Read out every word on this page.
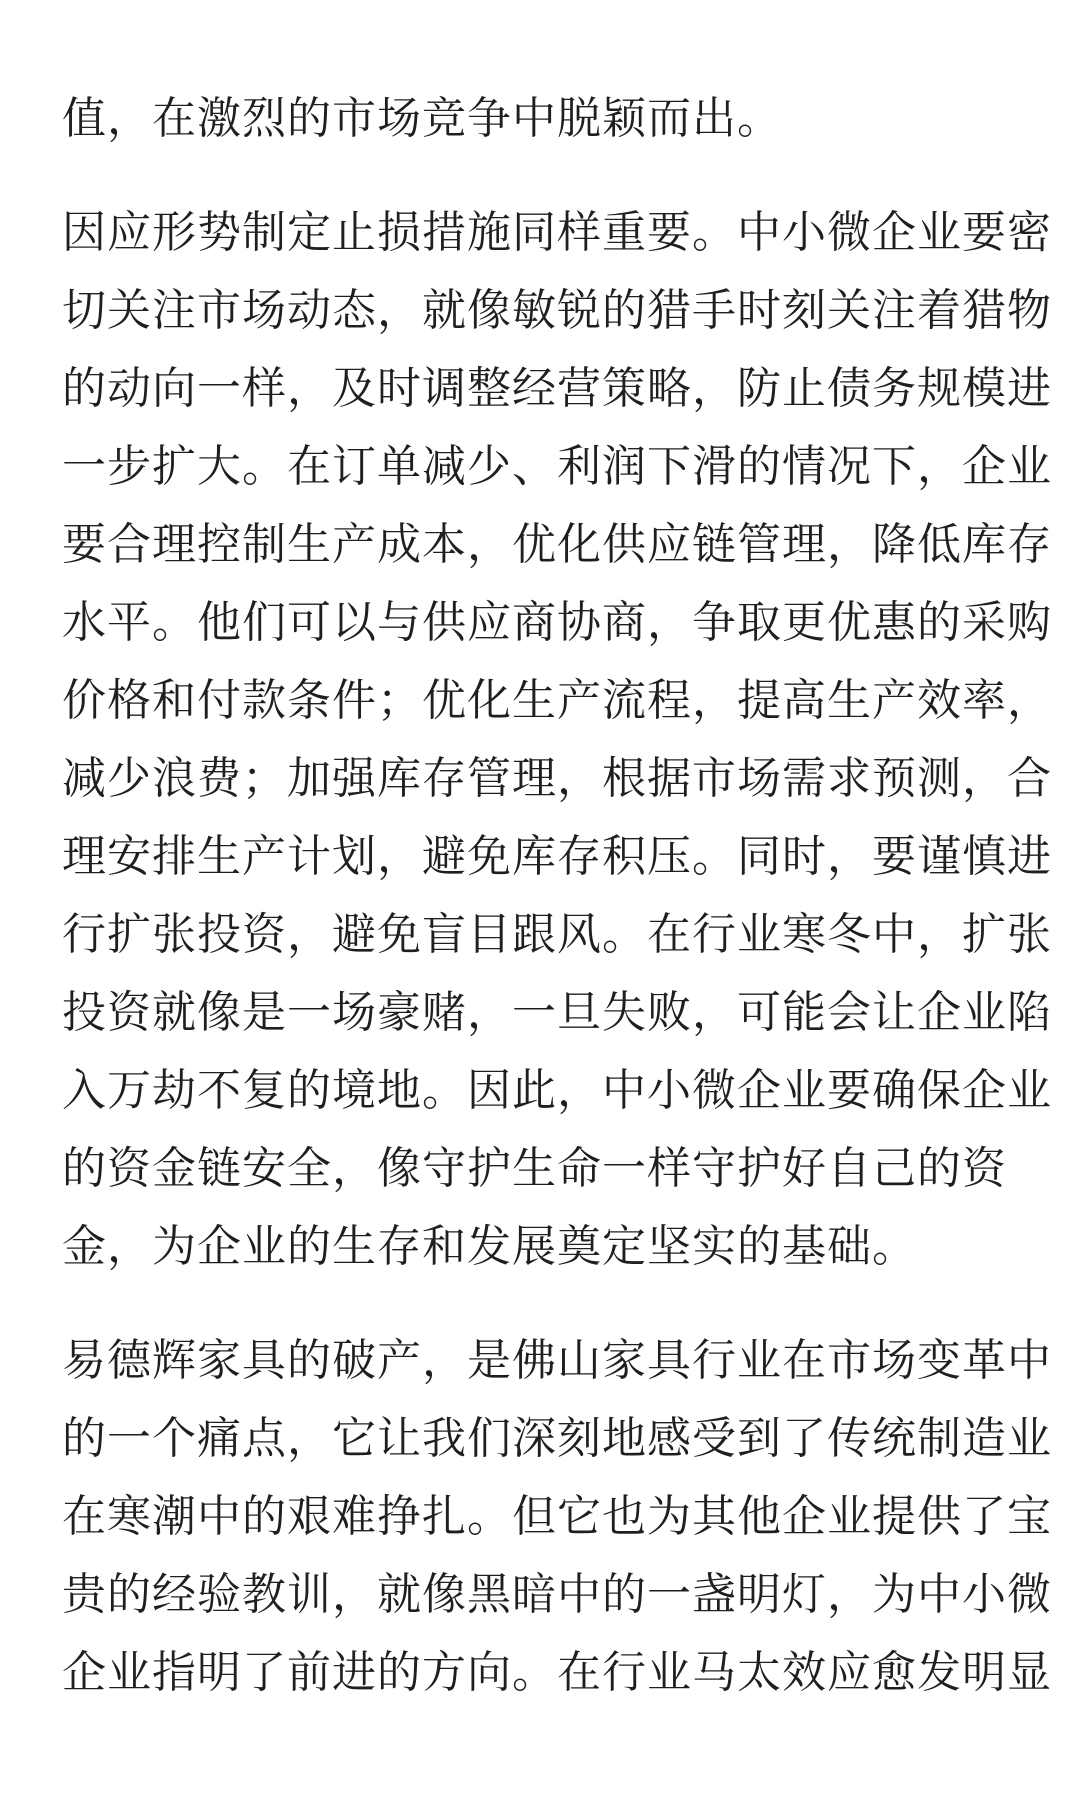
值，在激烈的市场竞争中脱颖而出。
因应形势制定止损措施同样重要。中小微企业要密
切关注市场动态，就像敏锐的猎手时刻关注着猎物
的动向一样，及时调整经营策略，防止债务规模进
一步扩大。在订单减少、利润下滑的情况下，企业
要合理控制生产成本，优化供应链管理，降低库存
水平。他们可以与供应商协商，争取更优惠的采购
价格和付款条件；优化生产流程，提高生产效率，
减少浪费；加强库存管理，根据市场需求预测，合
理安排生产计划，避免库存积压。同时，要谨慎进
行扩张投资，避免盲目跟风。在行业寒冬中，扩张
投资就像是一场豪赌，一旦失败，可能会让企业陷
入万劫不复的境地。因此，中小微企业要确保企业
的资金链安全，像守护生命一样守护好自己的资
金，为企业的生存和发展奠定坚实的基础。
易德辉家具的破产，是佛山家具行业在市场变革中
的一个痛点，它让我们深刻地感受到了传统制造业
在寒潮中的艰难挣扎。但它也为其他企业提供了宝
贵的经验教训，就像黑暗中的一盏明灯，为中小微
企业指明了前进的方向。在行业马太效应愈发明显
